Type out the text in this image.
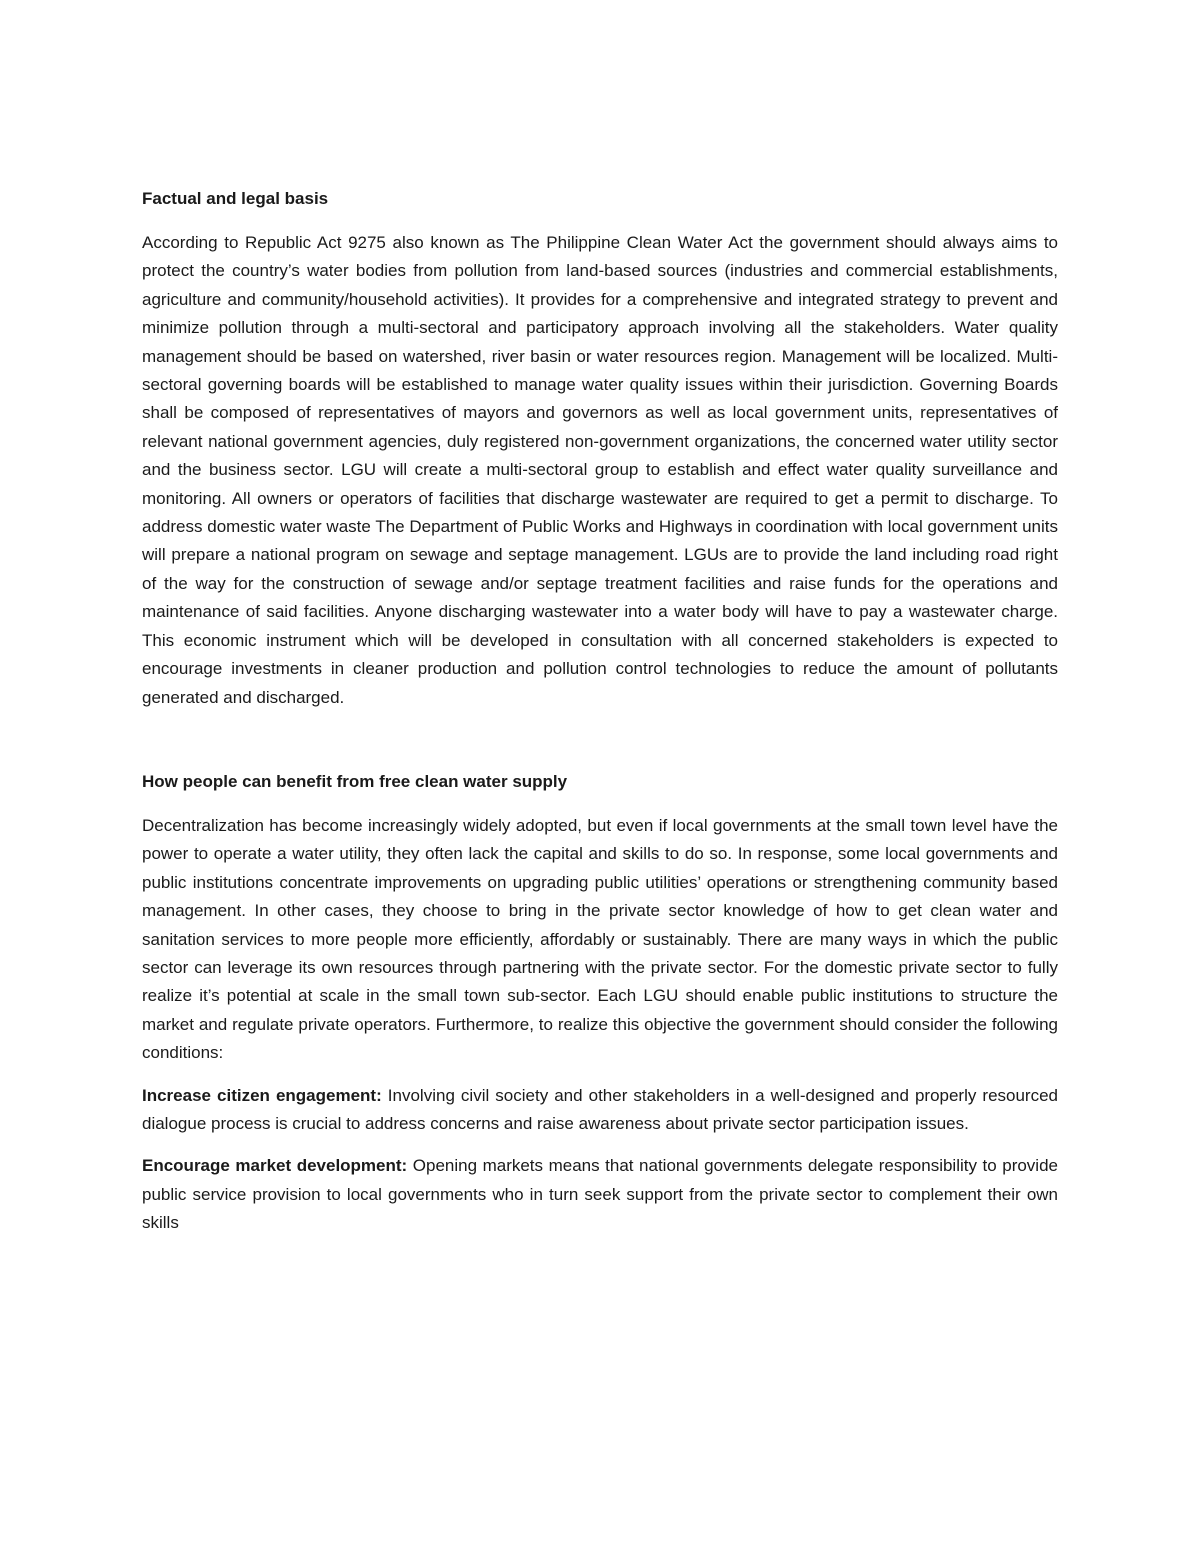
Factual and legal basis

According to Republic Act 9275 also known as The Philippine Clean Water Act the government should always aims to protect the country’s water bodies from pollution from land-based sources (industries and commercial establishments, agriculture and community/household activities). It provides for a comprehensive and integrated strategy to prevent and minimize pollution through a multi-sectoral and participatory approach involving all the stakeholders. Water quality management should be based on watershed, river basin or water resources region. Management will be localized. Multi-sectoral governing boards will be established to manage water quality issues within their jurisdiction. Governing Boards shall be composed of representatives of mayors and governors as well as local government units, representatives of relevant national government agencies, duly registered non-government organizations, the concerned water utility sector and the business sector. LGU will create a multi-sectoral group to establish and effect water quality surveillance and monitoring. All owners or operators of facilities that discharge wastewater are required to get a permit to discharge. To address domestic water waste The Department of Public Works and Highways in coordination with local government units will prepare a national program on sewage and septage management. LGUs are to provide the land including road right of the way for the construction of sewage and/or septage treatment facilities and raise funds for the operations and maintenance of said facilities. Anyone discharging wastewater into a water body will have to pay a wastewater charge. This economic instrument which will be developed in consultation with all concerned stakeholders is expected to encourage investments in cleaner production and pollution control technologies to reduce the amount of pollutants generated and discharged.

How people can benefit from free clean water supply

Decentralization has become increasingly widely adopted, but even if local governments at the small town level have the power to operate a water utility, they often lack the capital and skills to do so. In response, some local governments and public institutions concentrate improvements on upgrading public utilities’ operations or strengthening community based management. In other cases, they choose to bring in the private sector knowledge of how to get clean water and sanitation services to more people more efficiently, affordably or sustainably. There are many ways in which the public sector can leverage its own resources through partnering with the private sector. For the domestic private sector to fully realize it’s potential at scale in the small town sub-sector. Each LGU should enable public institutions to structure the market and regulate private operators. Furthermore, to realize this objective the government should consider the following conditions:

Increase citizen engagement: Involving civil society and other stakeholders in a well-designed and properly resourced dialogue process is crucial to address concerns and raise awareness about private sector participation issues.

Encourage market development: Opening markets means that national governments delegate responsibility to provide public service provision to local governments who in turn seek support from the private sector to complement their own skills
